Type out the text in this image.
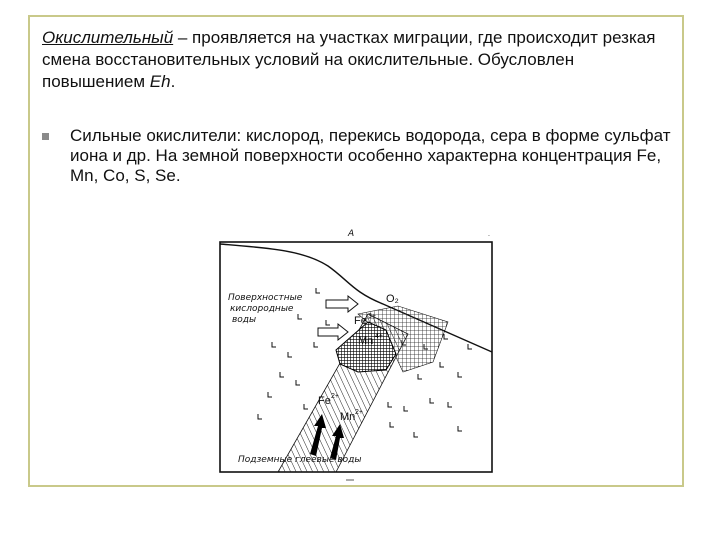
Окислительный – проявляется на участках миграции, где происходит резкая смена восстановительных условий на окислительные. Обусловлен повышением Eh.
Сильные окислители: кислород, перекись водорода, сера в форме сульфат иона и др. На земной поверхности особенно характерна концентрация Fe, Mn, Co, S, Se.
A	.
Поверхностные
кислородные
воды
O₂
Fe 3+
Mn 4+
Fe 2+
Mn 2+
Подземные глеевые воды
